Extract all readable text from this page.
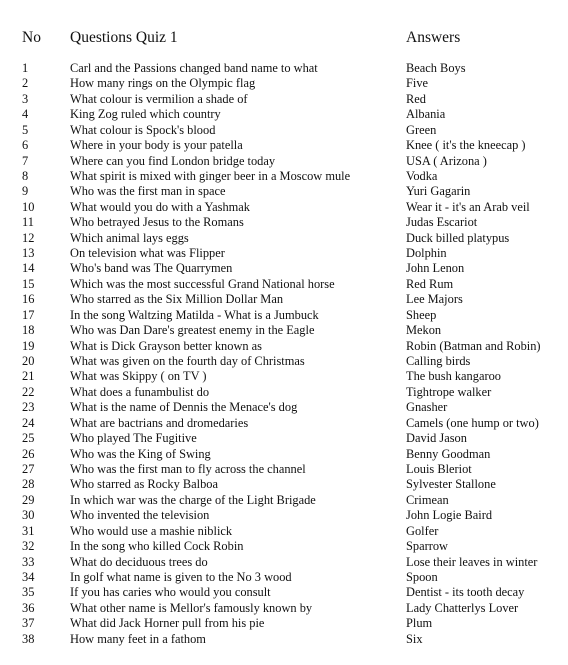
No Questions Quiz 1	Answers
1	Carl and the Passions changed band name to what	Beach Boys
2	How many rings on the Olympic flag	Five
3	What colour is vermilion a shade of	Red
4	King Zog ruled which country	Albania
5	What colour is Spock's blood	Green
6	Where in your body is your patella	Knee ( it's the kneecap )
7	Where can you find London bridge today	USA ( Arizona )
8	What spirit is mixed with ginger beer in a Moscow mule	Vodka
9	Who was the first man in space	Yuri Gagarin
10	What would you do with a Yashmak	Wear it - it's an Arab veil
11	Who betrayed Jesus to the Romans	Judas Escariot
12	Which animal lays eggs	Duck billed platypus
13	On television what was Flipper	Dolphin
14	Who's band was The Quarrymen	John Lenon
15	Which was the most successful Grand National horse	Red Rum
16	Who starred as the Six Million Dollar Man	Lee Majors
17	In the song Waltzing Matilda - What is a Jumbuck	Sheep
18	Who was Dan Dare's greatest enemy in the Eagle	Mekon
19	What is Dick Grayson better known as	Robin (Batman and Robin)
20	What was given on the fourth day of Christmas	Calling birds
21	What was Skippy ( on TV )	The bush kangaroo
22	What does a funambulist do	Tightrope walker
23	What is the name of Dennis the Menace's dog	Gnasher
24	What are bactrians and dromedaries	Camels (one hump or two)
25	Who played The Fugitive	David Jason
26	Who was the King of Swing	Benny Goodman
27	Who was the first man to fly across the channel	Louis Bleriot
28	Who starred as Rocky Balboa	Sylvester Stallone
29	In which war was the charge of the Light Brigade	Crimean
30	Who invented the television	John Logie Baird
31	Who would use a mashie niblick	Golfer
32	In the song who killed Cock Robin	Sparrow
33	What do deciduous trees do	Lose their leaves in winter
34	In golf what name is given to the No 3 wood	Spoon
35	If you has caries who would you consult	Dentist - its tooth decay
36	What other name is Mellor's famously known by	Lady Chatterlys Lover
37	What did Jack Horner pull from his pie	Plum
38	How many feet in a fathom	Six
